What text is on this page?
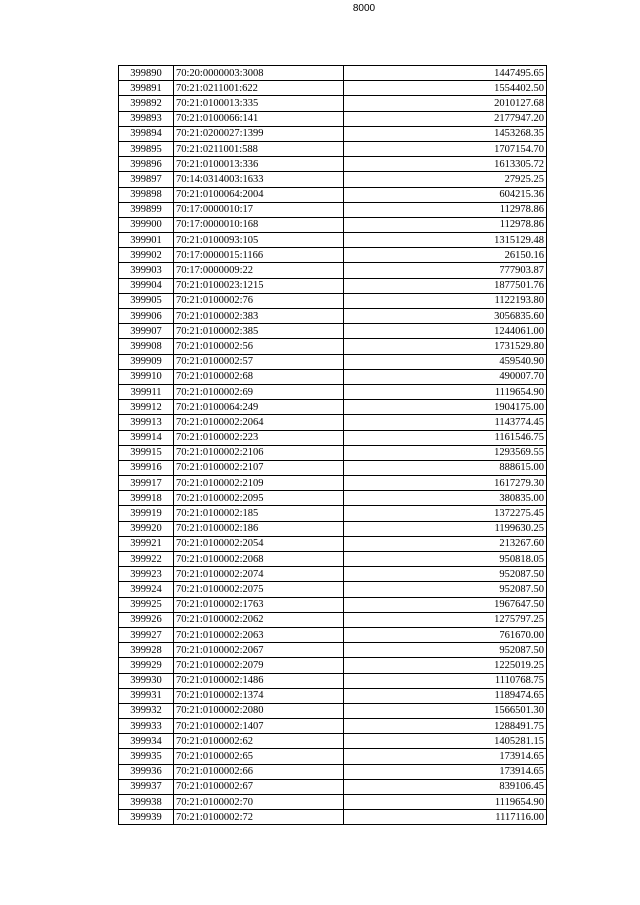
8000
399890	70:20:0000003:3008	1447495.65
399891	70:21:0211001:622	1554402.50
399892	70:21:0100013:335	2010127.68
399893	70:21:0100066:141	2177947.20
399894	70:21:0200027:1399	1453268.35
399895	70:21:0211001:588	1707154.70
399896	70:21:0100013:336	1613305.72
399897	70:14:0314003:1633	27925.25
399898	70:21:0100064:2004	604215.36
399899	70:17:0000010:17	112978.86
399900	70:17:0000010:168	112978.86
399901	70:21:0100093:105	1315129.48
399902	70:17:0000015:1166	26150.16
399903	70:17:0000009:22	777903.87
399904	70:21:0100023:1215	1877501.76
399905	70:21:0100002:76	1122193.80
399906	70:21:0100002:383	3056835.60
399907	70:21:0100002:385	1244061.00
399908	70:21:0100002:56	1731529.80
399909	70:21:0100002:57	459540.90
399910	70:21:0100002:68	490007.70
399911	70:21:0100002:69	1119654.90
399912	70:21:0100064:249	1904175.00
399913	70:21:0100002:2064	1143774.45
399914	70:21:0100002:223	1161546.75
399915	70:21:0100002:2106	1293569.55
399916	70:21:0100002:2107	888615.00
399917	70:21:0100002:2109	1617279.30
399918	70:21:0100002:2095	380835.00
399919	70:21:0100002:185	1372275.45
399920	70:21:0100002:186	1199630.25
399921	70:21:0100002:2054	213267.60
399922	70:21:0100002:2068	950818.05
399923	70:21:0100002:2074	952087.50
399924	70:21:0100002:2075	952087.50
399925	70:21:0100002:1763	1967647.50
399926	70:21:0100002:2062	1275797.25
399927	70:21:0100002:2063	761670.00
399928	70:21:0100002:2067	952087.50
399929	70:21:0100002:2079	1225019.25
399930	70:21:0100002:1486	1110768.75
399931	70:21:0100002:1374	1189474.65
399932	70:21:0100002:2080	1566501.30
399933	70:21:0100002:1407	1288491.75
399934	70:21:0100002:62	1405281.15
399935	70:21:0100002:65	173914.65
399936	70:21:0100002:66	173914.65
399937	70:21:0100002:67	839106.45
399938	70:21:0100002:70	1119654.90
399939	70:21:0100002:72	1117116.00
